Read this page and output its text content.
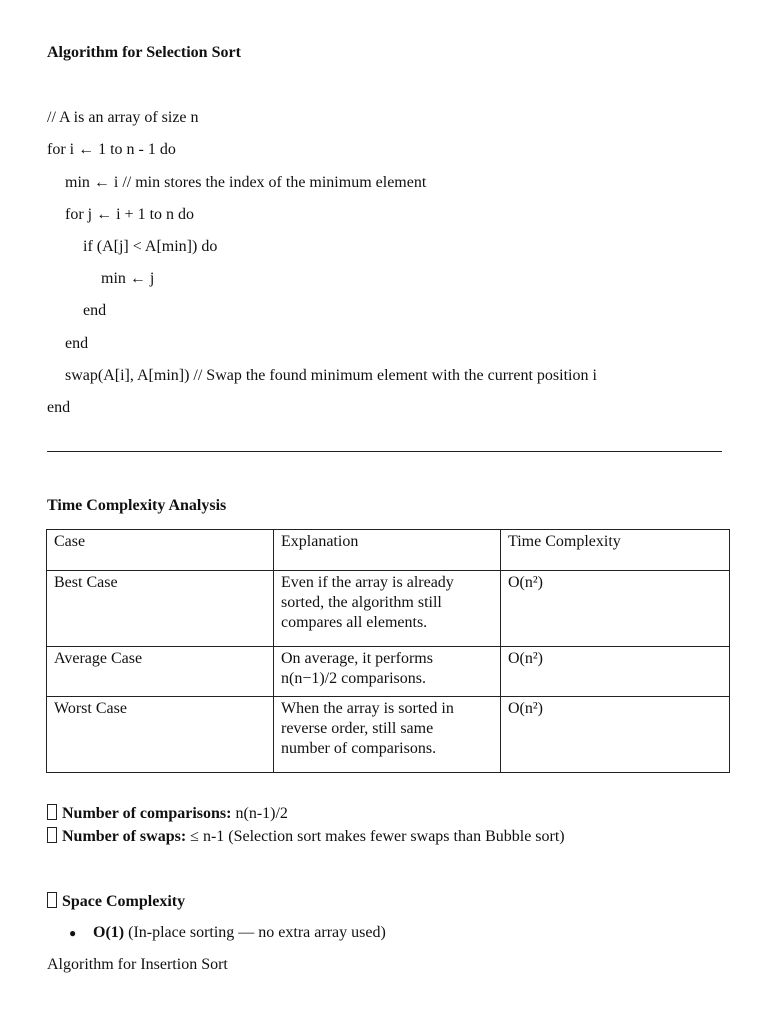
Algorithm for Selection Sort
// A is an array of size n
for i ← 1 to n - 1 do
min ← i // min stores the index of the minimum element
for j ← i + 1 to n do
if (A[j] < A[min]) do
min ← j
end
end
swap(A[i], A[min]) // Swap the found minimum element with the current position i
end
Time Complexity Analysis
Case	Explanation	Time Complexity
Best Case	Even if the array is already
sorted, the algorithm still
compares all elements.	O(n²)
Average Case	On average, it performs
n(n−1)/2 comparisons.	O(n²)
Worst Case	When the array is sorted in
reverse order, still same
number of comparisons.	O(n²)
Number of comparisons: n(n-1)/2
Number of swaps: ≤ n-1 (Selection sort makes fewer swaps than Bubble sort)
Space Complexity
● O(1) (In-place sorting — no extra array used)
Algorithm for Insertion Sort
